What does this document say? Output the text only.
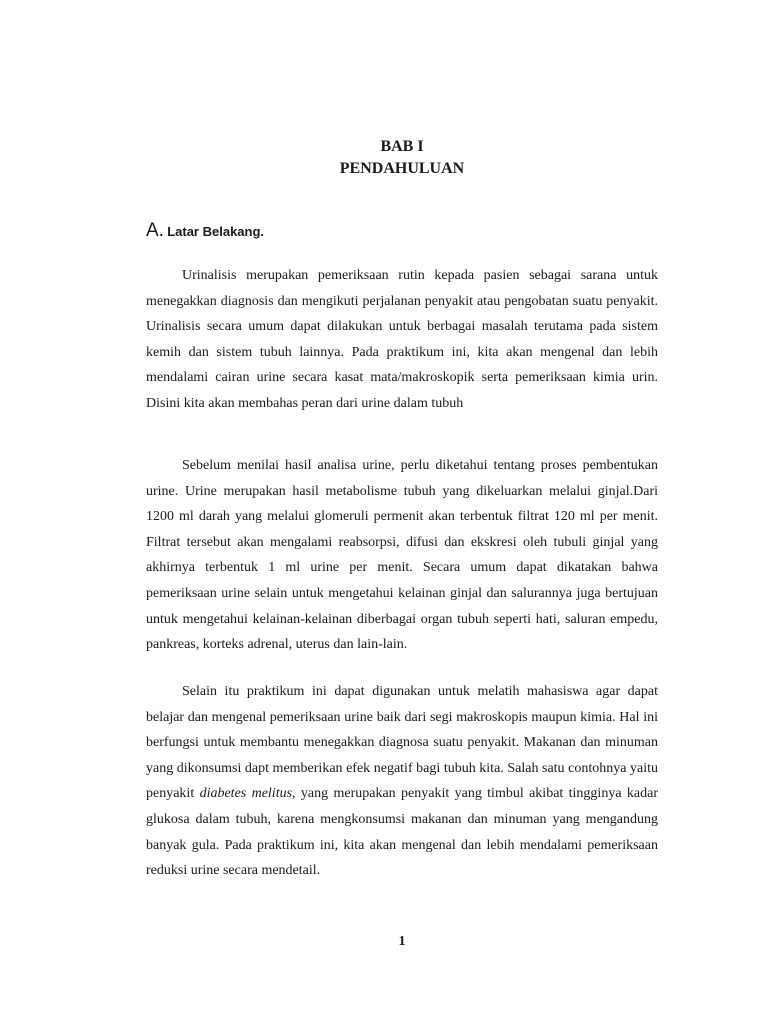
BAB I
PENDAHULUAN
A. Latar Belakang.

Urinalisis merupakan pemeriksaan rutin kepada pasien sebagai sarana untuk menegakkan diagnosis dan mengikuti perjalanan penyakit atau pengobatan suatu penyakit. Urinalisis secara umum dapat dilakukan untuk berbagai masalah terutama pada sistem kemih dan sistem tubuh lainnya. Pada praktikum ini, kita akan mengenal dan lebih mendalami cairan urine secara kasat mata/makroskopik serta pemeriksaan kimia urin. Disini kita akan membahas peran dari urine dalam tubuh

Sebelum menilai hasil analisa urine, perlu diketahui tentang proses pembentukan urine. Urine merupakan hasil metabolisme tubuh yang dikeluarkan melalui ginjal.Dari 1200 ml darah yang melalui glomeruli permenit akan terbentuk filtrat 120 ml per menit. Filtrat tersebut akan mengalami reabsorpsi, difusi dan ekskresi oleh tubuli ginjal yang akhirnya terbentuk 1 ml urine per menit. Secara umum dapat dikatakan bahwa pemeriksaan urine selain untuk mengetahui kelainan ginjal dan salurannya juga bertujuan untuk mengetahui kelainan-kelainan diberbagai organ tubuh seperti hati, saluran empedu, pankreas, korteks adrenal, uterus dan lain-lain.

Selain itu praktikum ini dapat digunakan untuk melatih mahasiswa agar dapat belajar dan mengenal pemeriksaan urine baik dari segi makroskopis maupun kimia. Hal ini berfungsi untuk membantu menegakkan diagnosa suatu penyakit. Makanan dan minuman yang dikonsumsi dapt memberikan efek negatif bagi tubuh kita. Salah satu contohnya yaitu penyakit diabetes melitus, yang merupakan penyakit yang timbul akibat tingginya kadar glukosa dalam tubuh, karena mengkonsumsi makanan dan minuman yang mengandung banyak gula. Pada praktikum ini, kita akan mengenal dan lebih mendalami pemeriksaan reduksi urine secara mendetail.

1
